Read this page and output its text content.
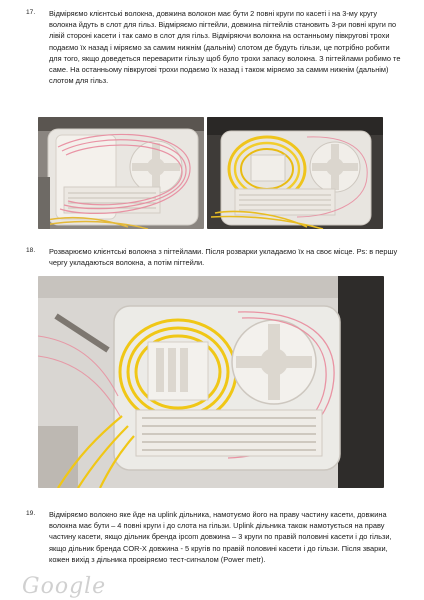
17. Відміряємо клієнтські волокна, довжина волокон має бути 2 повні круги по касеті і на 3-му кругу волокна йдуть в слот для гільз. Відміряємо пігтейли, довжина пігтейлів становить 3-ри повні круги по лівій стороні касети і так само в слот для гільз. Відміряючи волокна на останньому півкругові трохи подаємо їх назад і міряємо за самим нижнім (дальнім) слотом де будуть гільзи, це потрібно робити для того, якщо доведеться переварити гільзу щоб було трохи запасу волокна. З пігтейлами робимо те саме. На останньому півкругові трохи подаємо їх назад і також міряємо за самим нижнім (дальнім) слотом для гільз.
18. Розварюємо клієнтські волокна з пігтейлами. Після розварки укладаємо їх на своє місце. Ps: в першу чергу укладаються волокна, а потім пігтейли.
19. Відміряємо волокно яке йде на uplink дільника, намотуємо його на праву частину касети, довжина волокна має бути – 4 повні круги і до слота на гільзи. Uplink дільника також намотується на праву частину касети, якщо дільник бренда ipcom довжина – 3 круги по правій половині касети і до гільзи, якщо дільник бренда COR-X довжина - 5 кругів по правій половині касети і до гільзи. Після зварки, кожен вихід з дільника провіряємо тест-сигналом (Power metr).
Google
